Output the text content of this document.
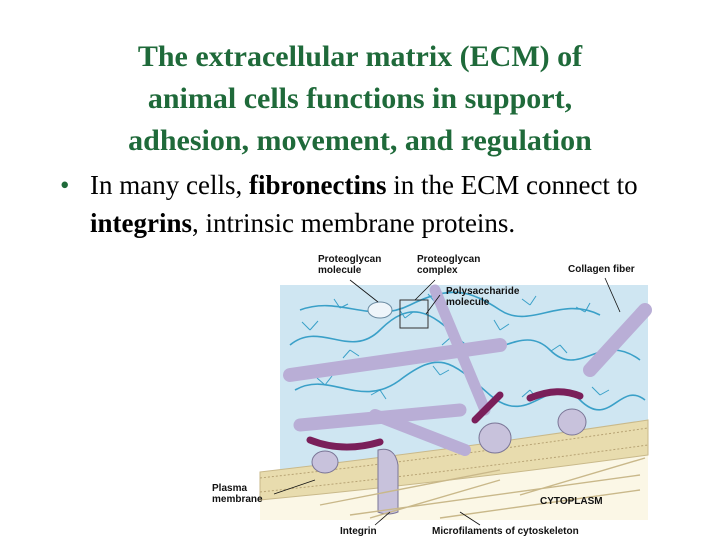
The extracellular matrix (ECM) of
animal cells functions in support,
adhesion, movement, and regulation
• In many cells, fibronectins in the ECM connect to integrins, intrinsic membrane proteins.
Proteoglycan
molecule
Proteoglycan
complex	Collagen fiber
Polysaccharide
molecule
Plasma
membrane	CYTOPLASM
Integrin	Microfilaments of cytoskeleton
